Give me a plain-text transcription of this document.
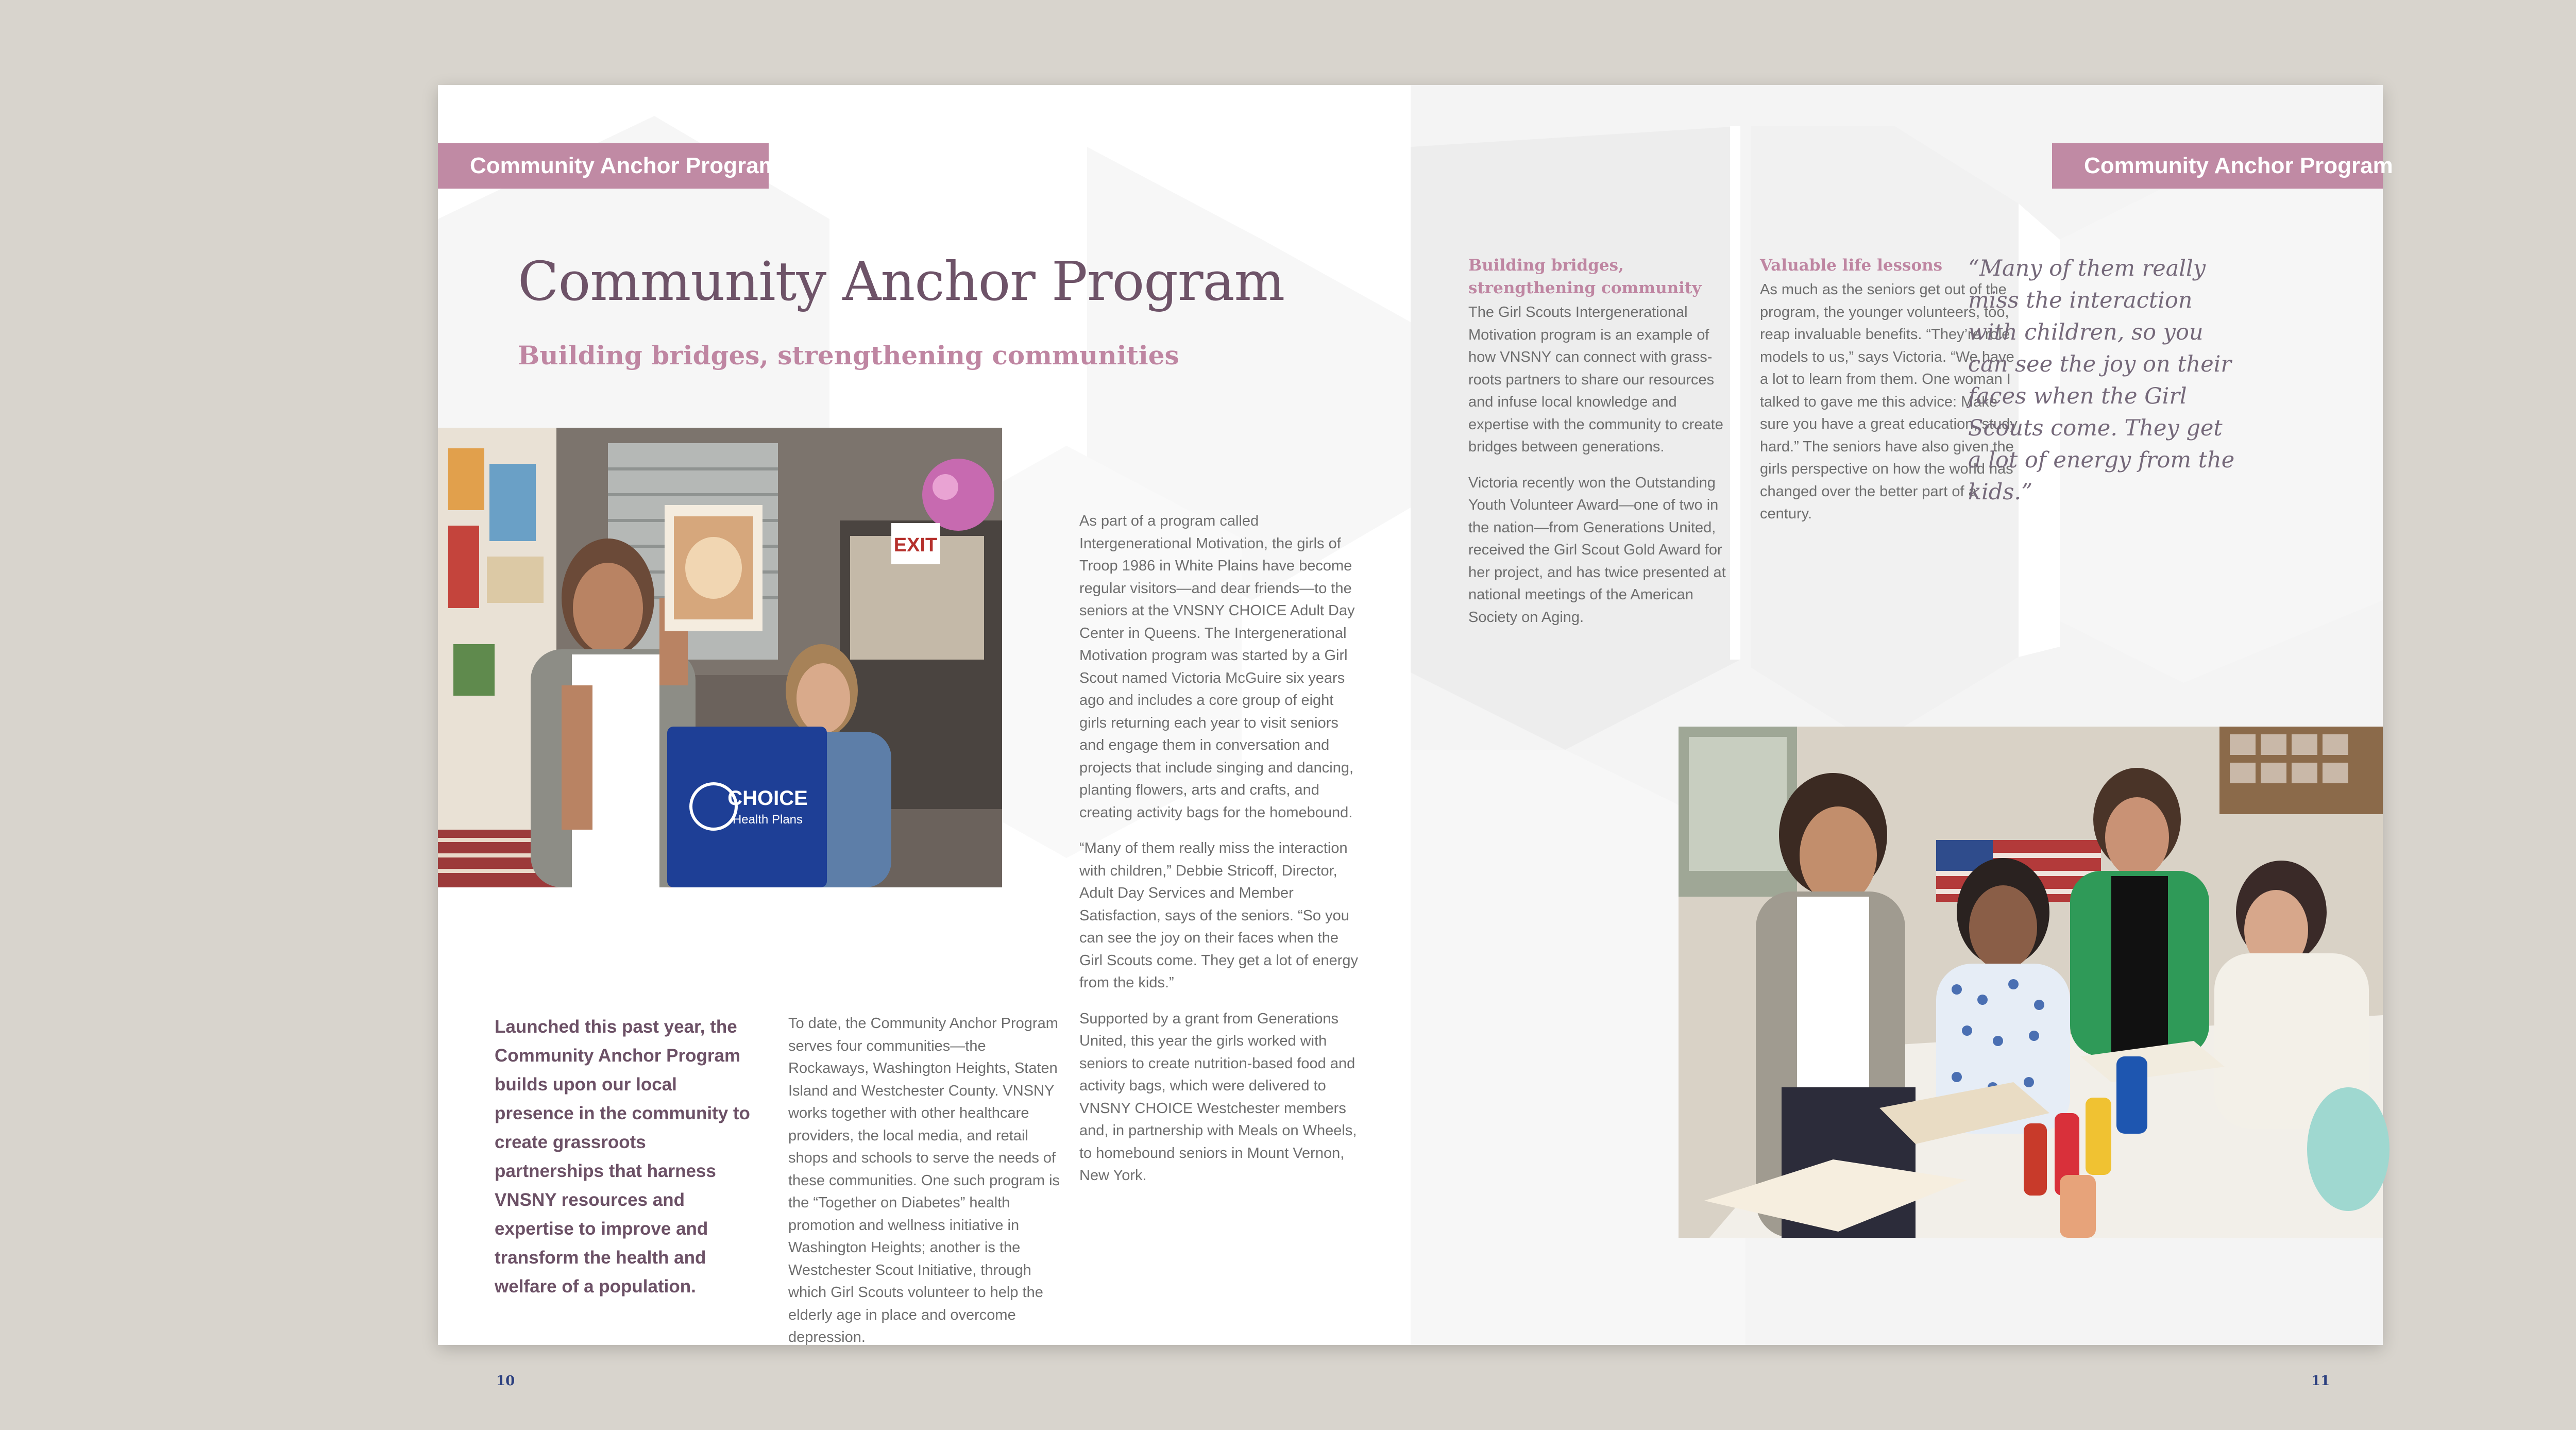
Community Anchor Program
Community Anchor Program
Building bridges, strengthening communities
EXIT
CHOICE
Health Plans
Launched this past year, the Community Anchor Program builds upon our local presence in the community to create grassroots partnerships that harness VNSNY resources and expertise to improve and transform the health and welfare of a population.

To date, the Community Anchor Program serves four communities—the Rockaways, Washington Heights, Staten Island and Westchester County. VNSNY works together with other healthcare providers, the local media, and retail shops and schools to serve the needs of these communities. One such program is the “Together on Diabetes” health promotion and wellness initiative in Washington Heights; another is the Westchester Scout Initiative, through which Girl Scouts volunteer to help the elderly age in place and overcome depression.

As part of a program called Intergenerational Motivation, the girls of Troop 1986 in White Plains have become regular visitors—and dear friends—to the seniors at the VNSNY CHOICE Adult Day Center in Queens. The Intergenerational Motivation program was started by a Girl Scout named Victoria McGuire six years ago and includes a core group of eight girls returning each year to visit seniors and engage them in conversation and projects that include singing and dancing, planting flowers, arts and crafts, and creating activity bags for the homebound.

“Many of them really miss the interaction with children,” Debbie Stricoff, Director, Adult Day Services and Member Satisfaction, says of the seniors. “So you can see the joy on their faces when the Girl Scouts come. They get a lot of energy from the kids.”

Supported by a grant from Generations United, this year the girls worked with seniors to create nutrition-based food and activity bags, which were delivered to VNSNY CHOICE Westchester members and, in partnership with Meals on Wheels, to homebound seniors in Mount Vernon, New York.

10
Community Anchor Program
Building bridges, strengthening community

The Girl Scouts Intergenerational Motivation program is an example of how VNSNY can connect with grass-roots partners to share our resources and infuse local knowledge and expertise with the community to create bridges between generations.

Victoria recently won the Outstanding Youth Volunteer Award—one of two in the nation—from Generations United, received the Girl Scout Gold Award for her project, and has twice presented at national meetings of the American Society on Aging.

Valuable life lessons

As much as the seniors get out of the program, the younger volunteers, too, reap invaluable benefits. “They’re role models to us,” says Victoria. “We have a lot to learn from them. One woman I talked to gave me this advice: Make sure you have a great education, study hard.” The seniors have also given the girls perspective on how the world has changed over the better part of a century.

“Many of them really miss the interaction with children, so you can see the joy on their faces when the Girl Scouts come. They get a lot of energy from the kids.”
11
